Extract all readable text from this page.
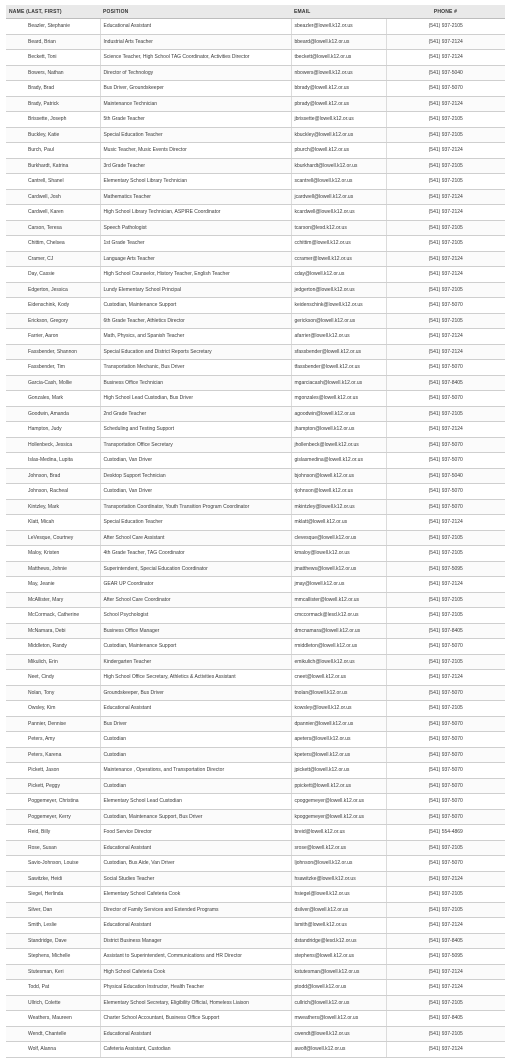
NAME (LAST, FIRST)	POSITION	EMAIL	PHONE #
Beazler, Stephanie	Educational Assistant	sbeazler@lowell.k12.or.us	(541) 937-2105
Beard, Brian	Industrial Arts Teacher	bbeard@lowell.k12.or.us	(541) 937-2124
Beckett, Toni	Science Teacher, High School TAG Coordinator, Activities Director	tbeckett@lowell.k12.or.us	(541) 937-2124
Bowers, Nathan	Director of Technology	nbowers@lowell.k12.or.us	(541) 937-5040
Brady, Brad	Bus Driver, Groundskeeper	bbrady@lowell.k12.or.us	(541) 937-5070
Brady, Patrick	Maintenance Technician	pbrady@lowell.k12.or.us	(541) 937-2124
Brissette, Joseph	5th Grade Teacher	jbrissette@lowell.k12.or.us	(541) 937-2105
Buckley, Katie	Special Education Teacher	kbuckley@lowell.k12.or.us	(541) 937-2105
Burch, Paul	Music Teacher, Music Events Director	pburch@lowell.k12.or.us	(541) 937-2124
Burkhardt, Katrina	3rd Grade Teacher	kburkhardt@lowell.k12.or.us	(541) 937-2105
Cantrell, Shanel	Elementary School Library Technician	scantrell@lowell.k12.or.us	(541) 937-2105
Cardwell, Josh	Mathematics Teacher	jcardwell@lowell.k12.or.us	(541) 937-2124
Cardwell, Karen	High School Library Technician, ASPIRE Coordinator	kcardwell@lowell.k12.or.us	(541) 937-2124
Carson, Teresa	Speech Pathologist	tcarson@lesd.k12.or.us	(541) 937-2105
Chittim, Chelsea	1st Grade Teacher	cchittim@lowell.k12.or.us	(541) 937-2105
Cramer, CJ	Language Arts Teacher	ccramer@lowell.k12.or.us	(541) 937-2124
Day, Cassie	High School Counselor, History Teacher, English Teacher	cday@lowell.k12.or.us	(541) 937-2124
Edgerton, Jessica	Lundy Elementary School Principal	jedgerton@lowell.k12.or.us	(541) 937-2105
Eidenschink, Kody	Custodian, Maintenance Support	keidenschink@lowell.k12.or.us	(541) 937-5070
Erickson, Gregory	6th Grade Teacher, Athletics Director	gerickson@lowell.k12.or.us	(541) 937-2105
Farrier, Aaron	Math, Physics, and Spanish Teacher	afarrier@lowell.k12.or.us	(541) 937-2124
Fassbender, Shannon	Special Education and District Reports Secretary	sfassbender@lowell.k12.or.us	(541) 937-2124
Fassbender, Tim	Transportation Mechanic, Bus Driver	tfassbender@lowell.k12.or.us	(541) 937-5070
Garcia-Cash, Mollie	Business Office Technician	mgarciacash@lowell.k12.or.us	(541) 937-8405
Gonzales, Mark	High School Lead Custodian, Bus Driver	mgonzales@lowell.k12.or.us	(541) 937-5070
Goodwin, Amanda	2nd Grade Teacher	agoodwin@lowell.k12.or.us	(541) 937-2105
Hampton, Judy	Scheduling and Testing Support	jhampton@lowell.k12.or.us	(541) 937-2124
Hollenbeck, Jessica	Transportation Office Secretary	jhollenbeck@lowell.k12.or.us	(541) 937-5070
Islas-Medina, Lupita	Custodian, Van Driver	gislasmedina@lowell.k12.or.us	(541) 937-5070
Johnson, Brad	Desktop Support Technician	bjohnson@lowell.k12.or.us	(541) 937-5040
Johnson, Racheal	Custodian, Van Driver	rjohnson@lowell.k12.or.us	(541) 937-5070
Kintzley, Mark	Transportation Coordinator, Youth Transition Program Coordinator	mkintzley@lowell.k12.or.us	(541) 937-5070
Klatt, Micah	Special Education Teacher	mklatt@lowell.k12.or.us	(541) 937-2124
LeVesque, Courtney	After School Care Assistant	clevesque@lowell.k12.or.us	(541) 937-2105
Maloy, Kristen	4th Grade Teacher, TAG Coordinator	kmaloy@lowell.k12.or.us	(541) 937-2105
Matthews, Johnie	Superintendent, Special Education Coordinator	jmatthews@lowell.k12.or.us	(541) 937-5095
May, Jeanie	GEAR UP Coordinator	jmay@lowell.k12.or.us	(541) 937-2124
McAllister, Mary	After School Care Coordinator	mmcallister@lowell.k12.or.us	(541) 937-2105
McCormack, Catherine	School Psychologist	cmccormack@lesd.k12.or.us	(541) 937-2105
McNamara, Debi	Business Office Manager	dmcnamara@lowell.k12.or.us	(541) 937-8405
Middleton, Randy	Custodian, Maintenance Support	rmiddleton@lowell.k12.or.us	(541) 937-5070
Mikulich, Erin	Kindergarten Teacher	emikulich@lowell.k12.or.us	(541) 937-2105
Neet, Cindy	High School Office Secretary, Athletics & Activities Assistant	cneet@lowell.k12.or.us	(541) 937-2124
Nolan, Tony	Groundskeeper, Bus Driver	tnolan@lowell.k12.or.us	(541) 937-5070
Owsley, Kim	Educational Assistant	kowsley@lowell.k12.or.us	(541) 937-2105
Pannier, Dennise	Bus Driver	dpannier@lowell.k12.or.us	(541) 937-5070
Peters, Amy	Custodian	apeters@lowell.k12.or.us	(541) 937-5070
Peters, Karena	Custodian	kpeters@lowell.k12.or.us	(541) 937-5070
Pickett, Jason	Maintenance , Operations, and Transportation Director	jpickett@lowell.k12.or.us	(541) 937-5070
Pickett, Peggy	Custodian	ppickett@lowell.k12.or.us	(541) 937-5070
Poggemeyer, Christina	Elementary School Lead Custodian	cpoggemeyer@lowell.k12.or.us	(541) 937-5070
Poggemeyer, Kerry	Custodian, Maintenance Support, Bus Driver	kpoggemeyer@lowell.k12.or.us	(541) 937-5070
Reid, Billy	Food Service Director	breid@lowell.k12.or.us	(541) 554-4869
Rose, Susan	Educational Assistant	srose@lowell.k12.or.us	(541) 937-2105
Savio-Johnson, Louise	Custodian, Bus Aide, Van Driver	ljohnson@lowell.k12.or.us	(541) 937-5070
Sawitzke, Heidi	Social Studies Teacher	hsawitzke@lowell.k12.or.us	(541) 937-2124
Siegel, Herlinda	Elementary School Cafeteria Cook	hsiegel@lowell.k12.or.us	(541) 937-2105
Silver, Dan	Director of Family Services and Extended Programs	dsilver@lowell.k12.or.us	(541) 937-2105
Smith, Leslie	Educational Assistant	lsmith@lowell.k12.or.us	(541) 937-2124
Standridge, Dave	District Business Manager	dstandridge@lesd.k12.or.us	(541) 937-8405
Stephens, Michelle	Assistant to Superintendent, Communications and HR Director	stephens@lowell.k12.or.us	(541) 937-5095
Stutesman, Keri	High School Cafeteria Cook	kstutesman@lowell.k12.or.us	(541) 937-2124
Todd, Pat	Physical Education Instructor, Health Teacher	ptodd@lowell.k12.or.us	(541) 937-2124
Ullrich, Colette	Elementary School Secretary, Eligibility Official, Homeless Liaison	cullrich@lowell.k12.or.us	(541) 937-2105
Weathers, Maureen	Charter School Accountant, Business Office Support	mweathers@lowell.k12.or.us	(541) 937-8405
Wendt, Chantelle	Educational Assistant	cwendt@lowell.k12.or.us	(541) 937-2105
Wolf, Alanna	Cafeteria Assistant, Custodian	awolf@lowell.k12.or.us	(541) 937-2124
